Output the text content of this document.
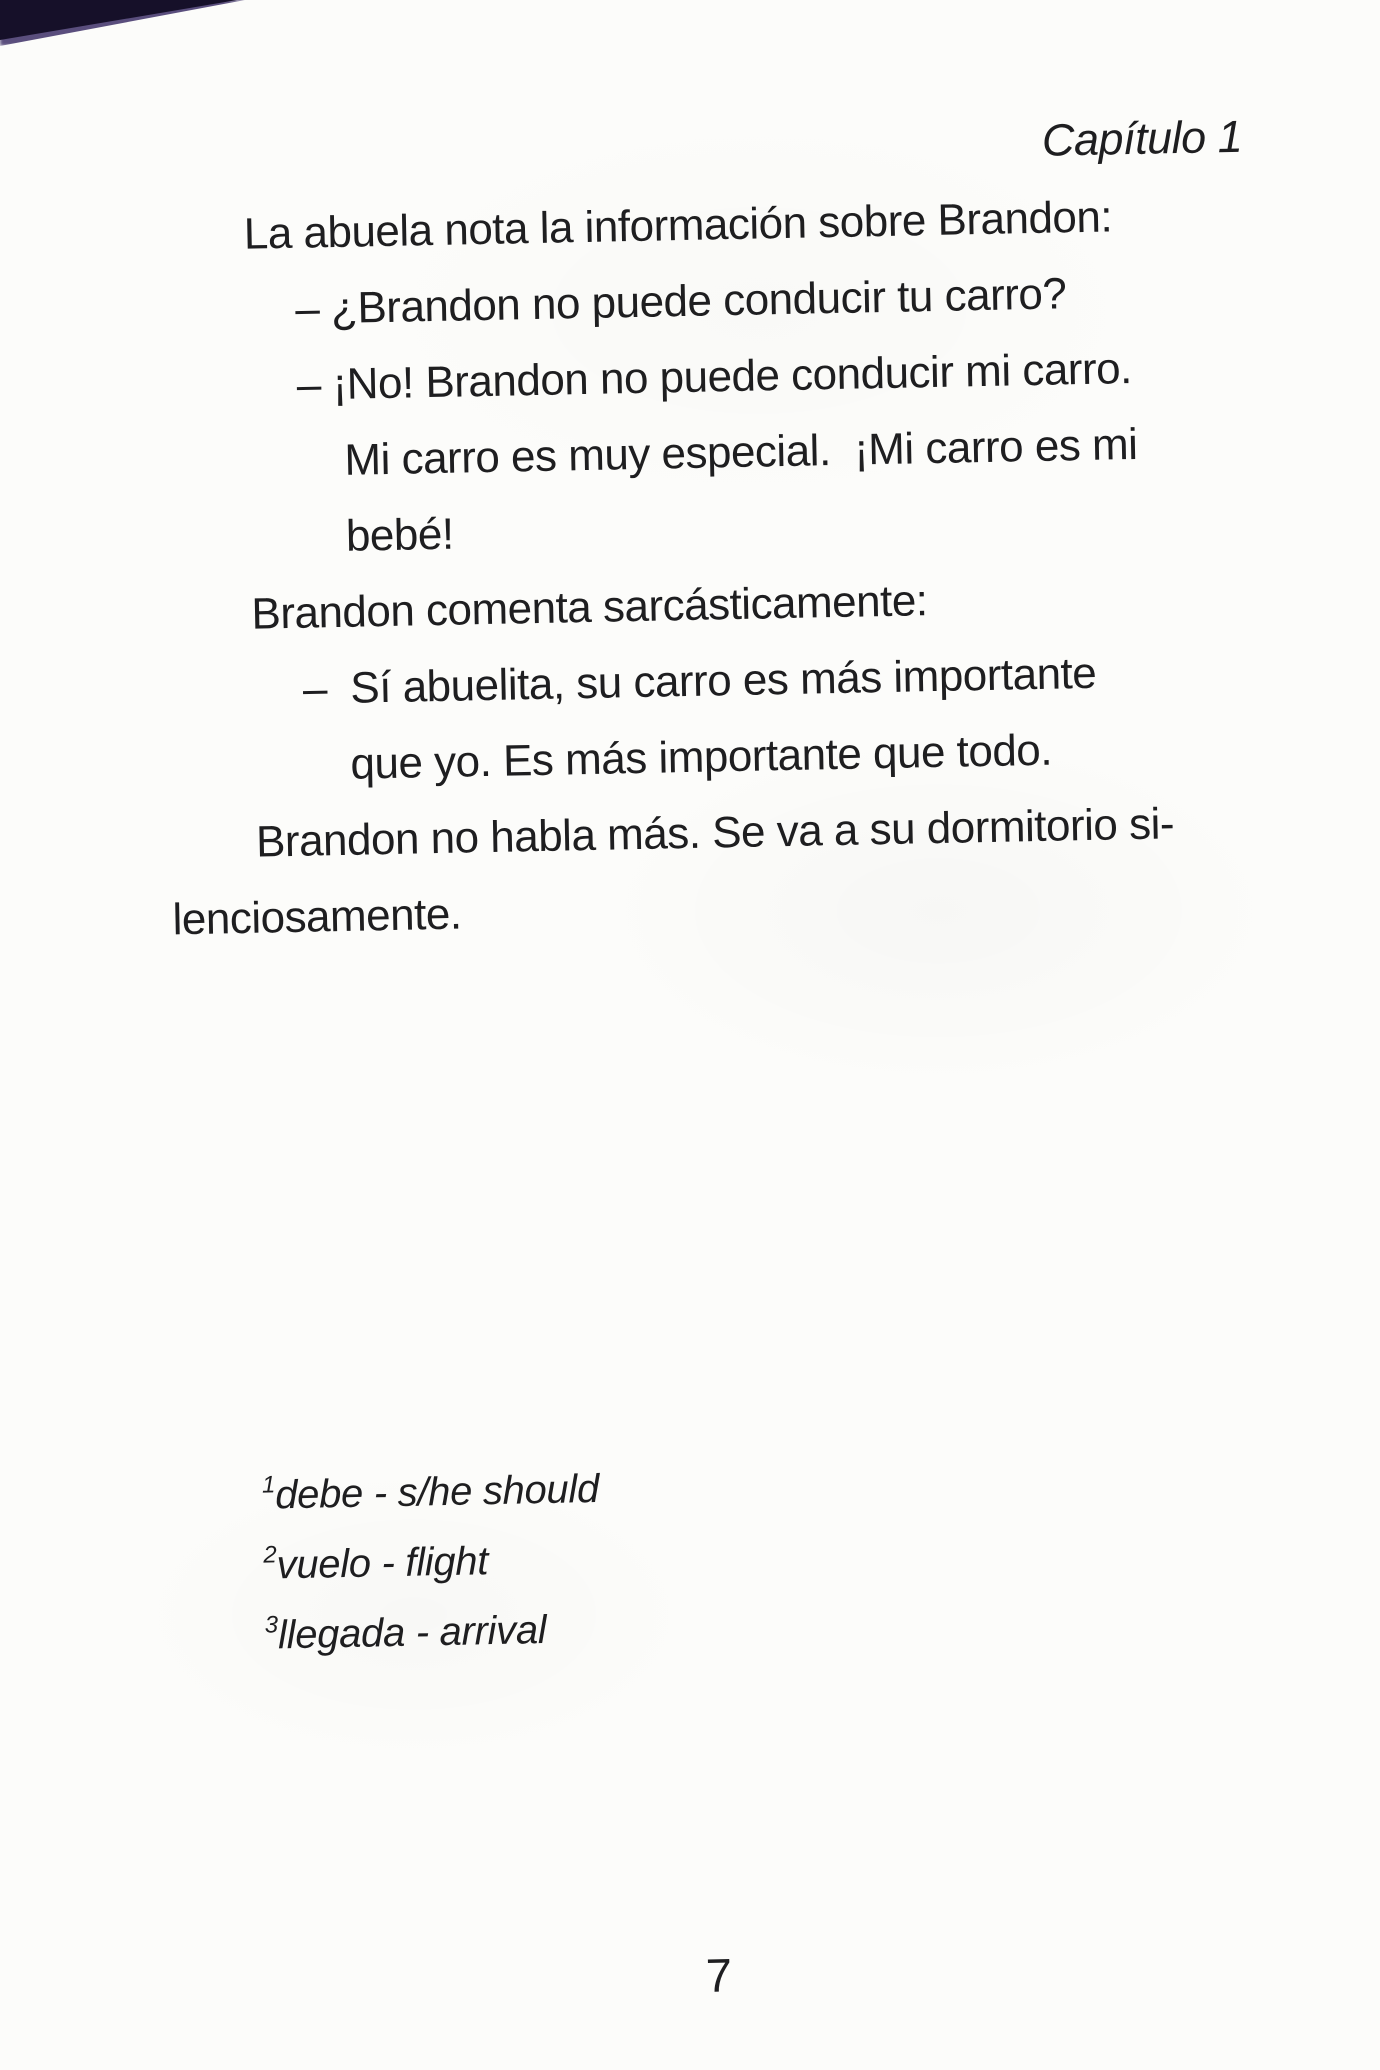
Capítulo 1
La abuela nota la información sobre Brandon:
– ¿Brandon no puede conducir tu carro?
– ¡No! Brandon no puede conducir mi carro.
Mi carro es muy especial.  ¡Mi carro es mi
bebé!
Brandon comenta sarcásticamente:
–  Sí abuelita, su carro es más importante
que yo. Es más importante que todo.
Brandon no habla más. Se va a su dormitorio si-
lenciosamente.
$^1$debe - s/he should
$^2$vuelo - flight
$^3$llegada - arrival
7
